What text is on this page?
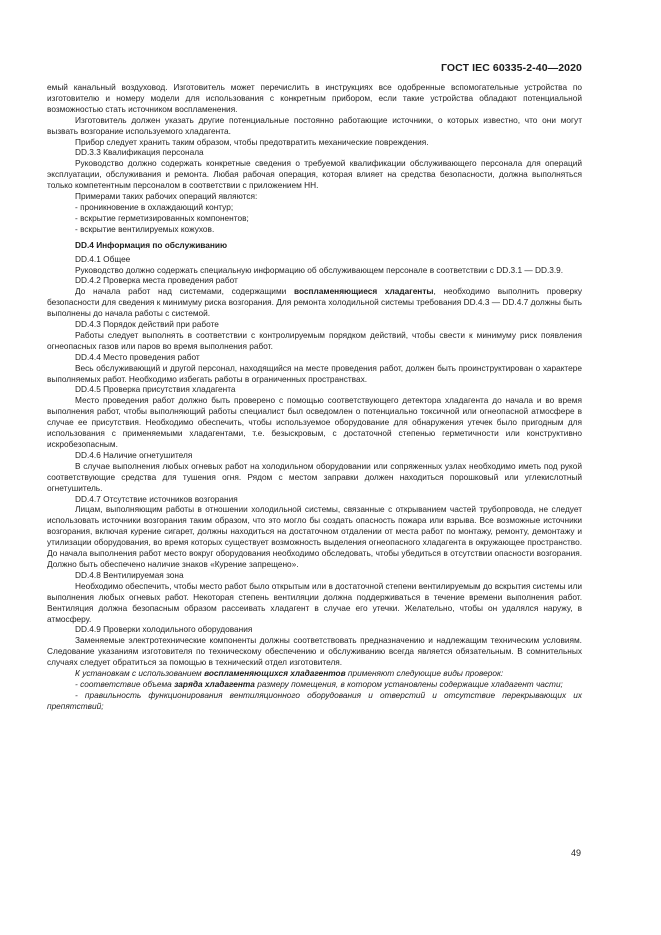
ГОСТ IEC 60335-2-40—2020

емый канальный воздуховод. Изготовитель может перечислить в инструкциях все одобренные вспомогательные устройства по изготовителю и номеру модели для использования с конкретным прибором, если такие устройства обладают потенциальной возможностью стать источником воспламенения.

Изготовитель должен указать другие потенциальные постоянно работающие источники, о которых известно, что они могут вызвать возгорание используемого хладагента.

Прибор следует хранить таким образом, чтобы предотвратить механические повреждения.

DD.3.3 Квалификация персонала

Руководство должно содержать конкретные сведения о требуемой квалификации обслуживающего персонала для операций эксплуатации, обслуживания и ремонта. Любая рабочая операция, которая влияет на средства безопасности, должна выполняться только компетентным персоналом в соответствии с приложением НН.

Примерами таких рабочих операций являются:

- проникновение в охлаждающий контур;

- вскрытие герметизированных компонентов;

- вскрытие вентилируемых кожухов.

DD.4 Информация по обслуживанию

DD.4.1 Общее

Руководство должно содержать специальную информацию об обслуживающем персонале в соответствии с DD.3.1 — DD.3.9.

DD.4.2 Проверка места проведения работ

До начала работ над системами, содержащими воспламеняющиеся хладагенты, необходимо выполнить проверку безопасности для сведения к минимуму риска возгорания. Для ремонта холодильной системы требования DD.4.3 — DD.4.7 должны быть выполнены до начала работы с системой.

DD.4.3 Порядок действий при работе

Работы следует выполнять в соответствии с контролируемым порядком действий, чтобы свести к минимуму риск появления огнеопасных газов или паров во время выполнения работ.

DD.4.4 Место проведения работ

Весь обслуживающий и другой персонал, находящийся на месте проведения работ, должен быть проинструктирован о характере выполняемых работ. Необходимо избегать работы в ограниченных пространствах.

DD.4.5 Проверка присутствия хладагента

Место проведения работ должно быть проверено с помощью соответствующего детектора хладагента до начала и во время выполнения работ, чтобы выполняющий работы специалист был осведомлен о потенциально токсичной или огнеопасной атмосфере в случае ее присутствия. Необходимо обеспечить, чтобы используемое оборудование для обнаружения утечек было пригодным для использования с применяемыми хладагентами, т.е. безыскровым, с достаточной степенью герметичности или конструктивно искробезопасным.

DD.4.6 Наличие огнетушителя

В случае выполнения любых огневых работ на холодильном оборудовании или сопряженных узлах необходимо иметь под рукой соответствующие средства для тушения огня. Рядом с местом заправки должен находиться порошковый или углекислотный огнетушитель.

DD.4.7 Отсутствие источников возгорания

Лицам, выполняющим работы в отношении холодильной системы, связанные с открыванием частей трубопровода, не следует использовать источники возгорания таким образом, что это могло бы создать опасность пожара или взрыва. Все возможные источники возгорания, включая курение сигарет, должны находиться на достаточном отдалении от места работ по монтажу, ремонту, демонтажу и утилизации оборудования, во время которых существует возможность выделения огнеопасного хладагента в окружающее пространство. До начала выполнения работ место вокруг оборудования необходимо обследовать, чтобы убедиться в отсутствии опасности возгорания. Должно быть обеспечено наличие знаков «Курение запрещено».

DD.4.8 Вентилируемая зона

Необходимо обеспечить, чтобы место работ было открытым или в достаточной степени вентилируемым до вскрытия системы или выполнения любых огневых работ. Некоторая степень вентиляции должна поддерживаться в течение времени выполнения работ. Вентиляция должна безопасным образом рассеивать хладагент в случае его утечки. Желательно, чтобы он удалялся наружу, в атмосферу.

DD.4.9 Проверки холодильного оборудования

Заменяемые электротехнические компоненты должны соответствовать предназначению и надлежащим техническим условиям. Следование указаниям изготовителя по техническому обеспечению и обслуживанию всегда является обязательным. В сомнительных случаях следует обратиться за помощью в технический отдел изготовителя.

К установкам с использованием воспламеняющихся хладагентов применяют следующие виды проверок:

- соответствие объема заряда хладагента размеру помещения, в котором установлены содержащие хладагент части;

- правильность функционирования вентиляционного оборудования и отверстий и отсутствие перекрывающих их препятствий;

49
